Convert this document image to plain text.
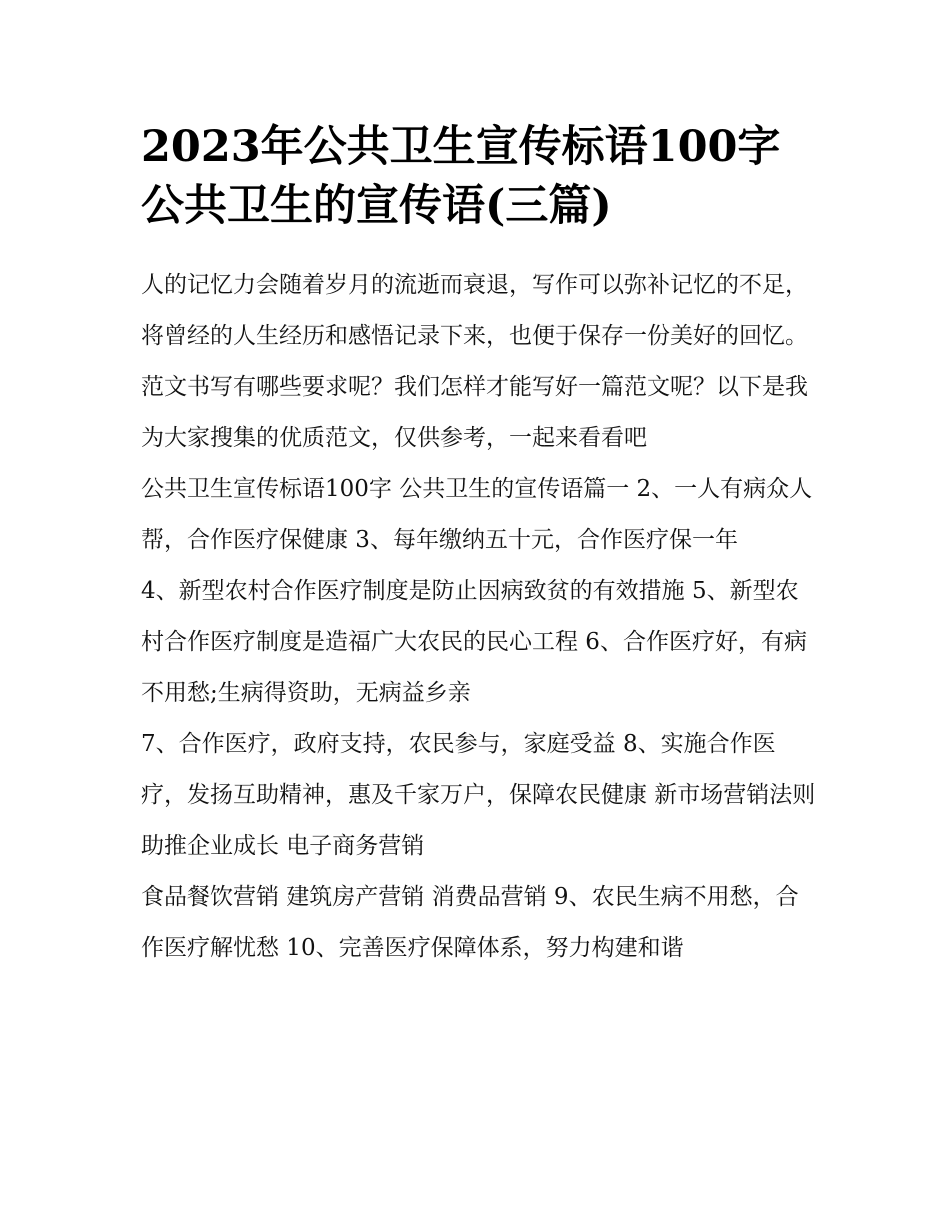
2023年公共卫生宣传标语100字 公共卫生的宣传语(三篇)

人的记忆力会随着岁月的流逝而衰退，写作可以弥补记忆的不足，将曾经的人生经历和感悟记录下来，也便于保存一份美好的回忆。范文书写有哪些要求呢？我们怎样才能写好一篇范文呢？以下是我为大家搜集的优质范文，仅供参考，一起来看看吧

公共卫生宣传标语100字 公共卫生的宣传语篇一 2、一人有病众人帮，合作医疗保健康 3、每年缴纳五十元，合作医疗保一年

4、新型农村合作医疗制度是防止因病致贫的有效措施 5、新型农村合作医疗制度是造福广大农民的民心工程 6、合作医疗好，有病不用愁;生病得资助，无病益乡亲

7、合作医疗，政府支持，农民参与，家庭受益 8、实施合作医疗，发扬互助精神，惠及千家万户，保障农民健康 新市场营销法则 助推企业成长 电子商务营销

食品餐饮营销 建筑房产营销 消费品营销 9、农民生病不用愁，合作医疗解忧愁 10、完善医疗保障体系，努力构建和谐
